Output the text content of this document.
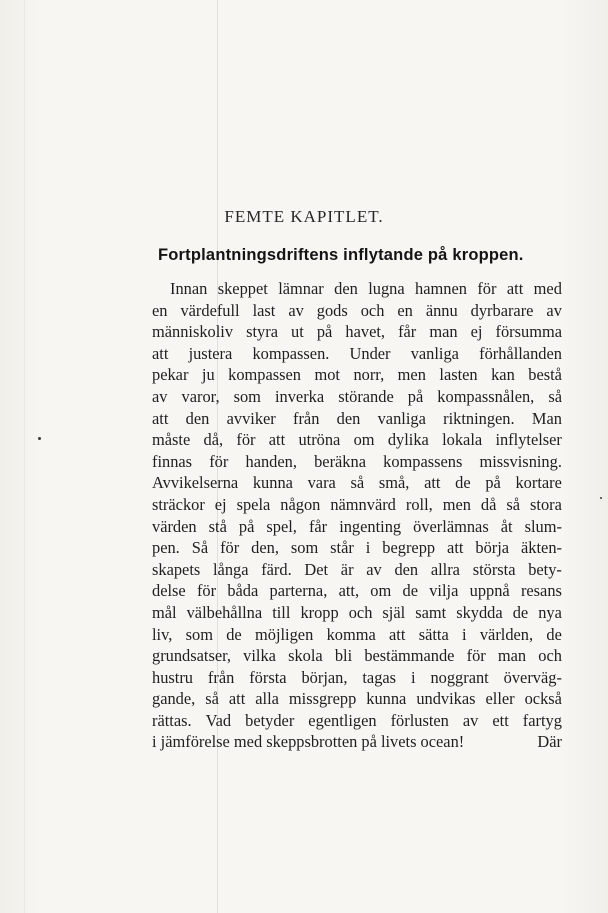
FEMTE KAPITLET.
Fortplantningsdriftens inflytande på kroppen.
Innan skeppet lämnar den lugna hamnen för att med
en värdefull last av gods och en ännu dyrbarare av
människoliv styra ut på havet, får man ej försumma
att justera kompassen. Under vanliga förhållanden
pekar ju kompassen mot norr, men lasten kan bestå
av varor, som inverka störande på kompassnålen, så
att den avviker från den vanliga riktningen. Man
måste då, för att utröna om dylika lokala inflytelser
finnas för handen, beräkna kompassens missvisning.
Avvikelserna kunna vara så små, att de på kortare
sträckor ej spela någon nämnvärd roll, men då så stora
värden stå på spel, får ingenting överlämnas åt slum-
pen. Så för den, som står i begrepp att börja äkten-
skapets långa färd. Det är av den allra största bety-
delse för båda parterna, att, om de vilja uppnå resans
mål välbehållna till kropp och själ samt skydda de nya
liv, som de möjligen komma att sätta i världen, de
grundsatser, vilka skola bli bestämmande för man och
hustru från första början, tagas i noggrant överväg-
gande, så att alla missgrepp kunna undvikas eller också
rättas. Vad betyder egentligen förlusten av ett fartyg
i jämförelse med skeppsbrotten på livets ocean!	Där
